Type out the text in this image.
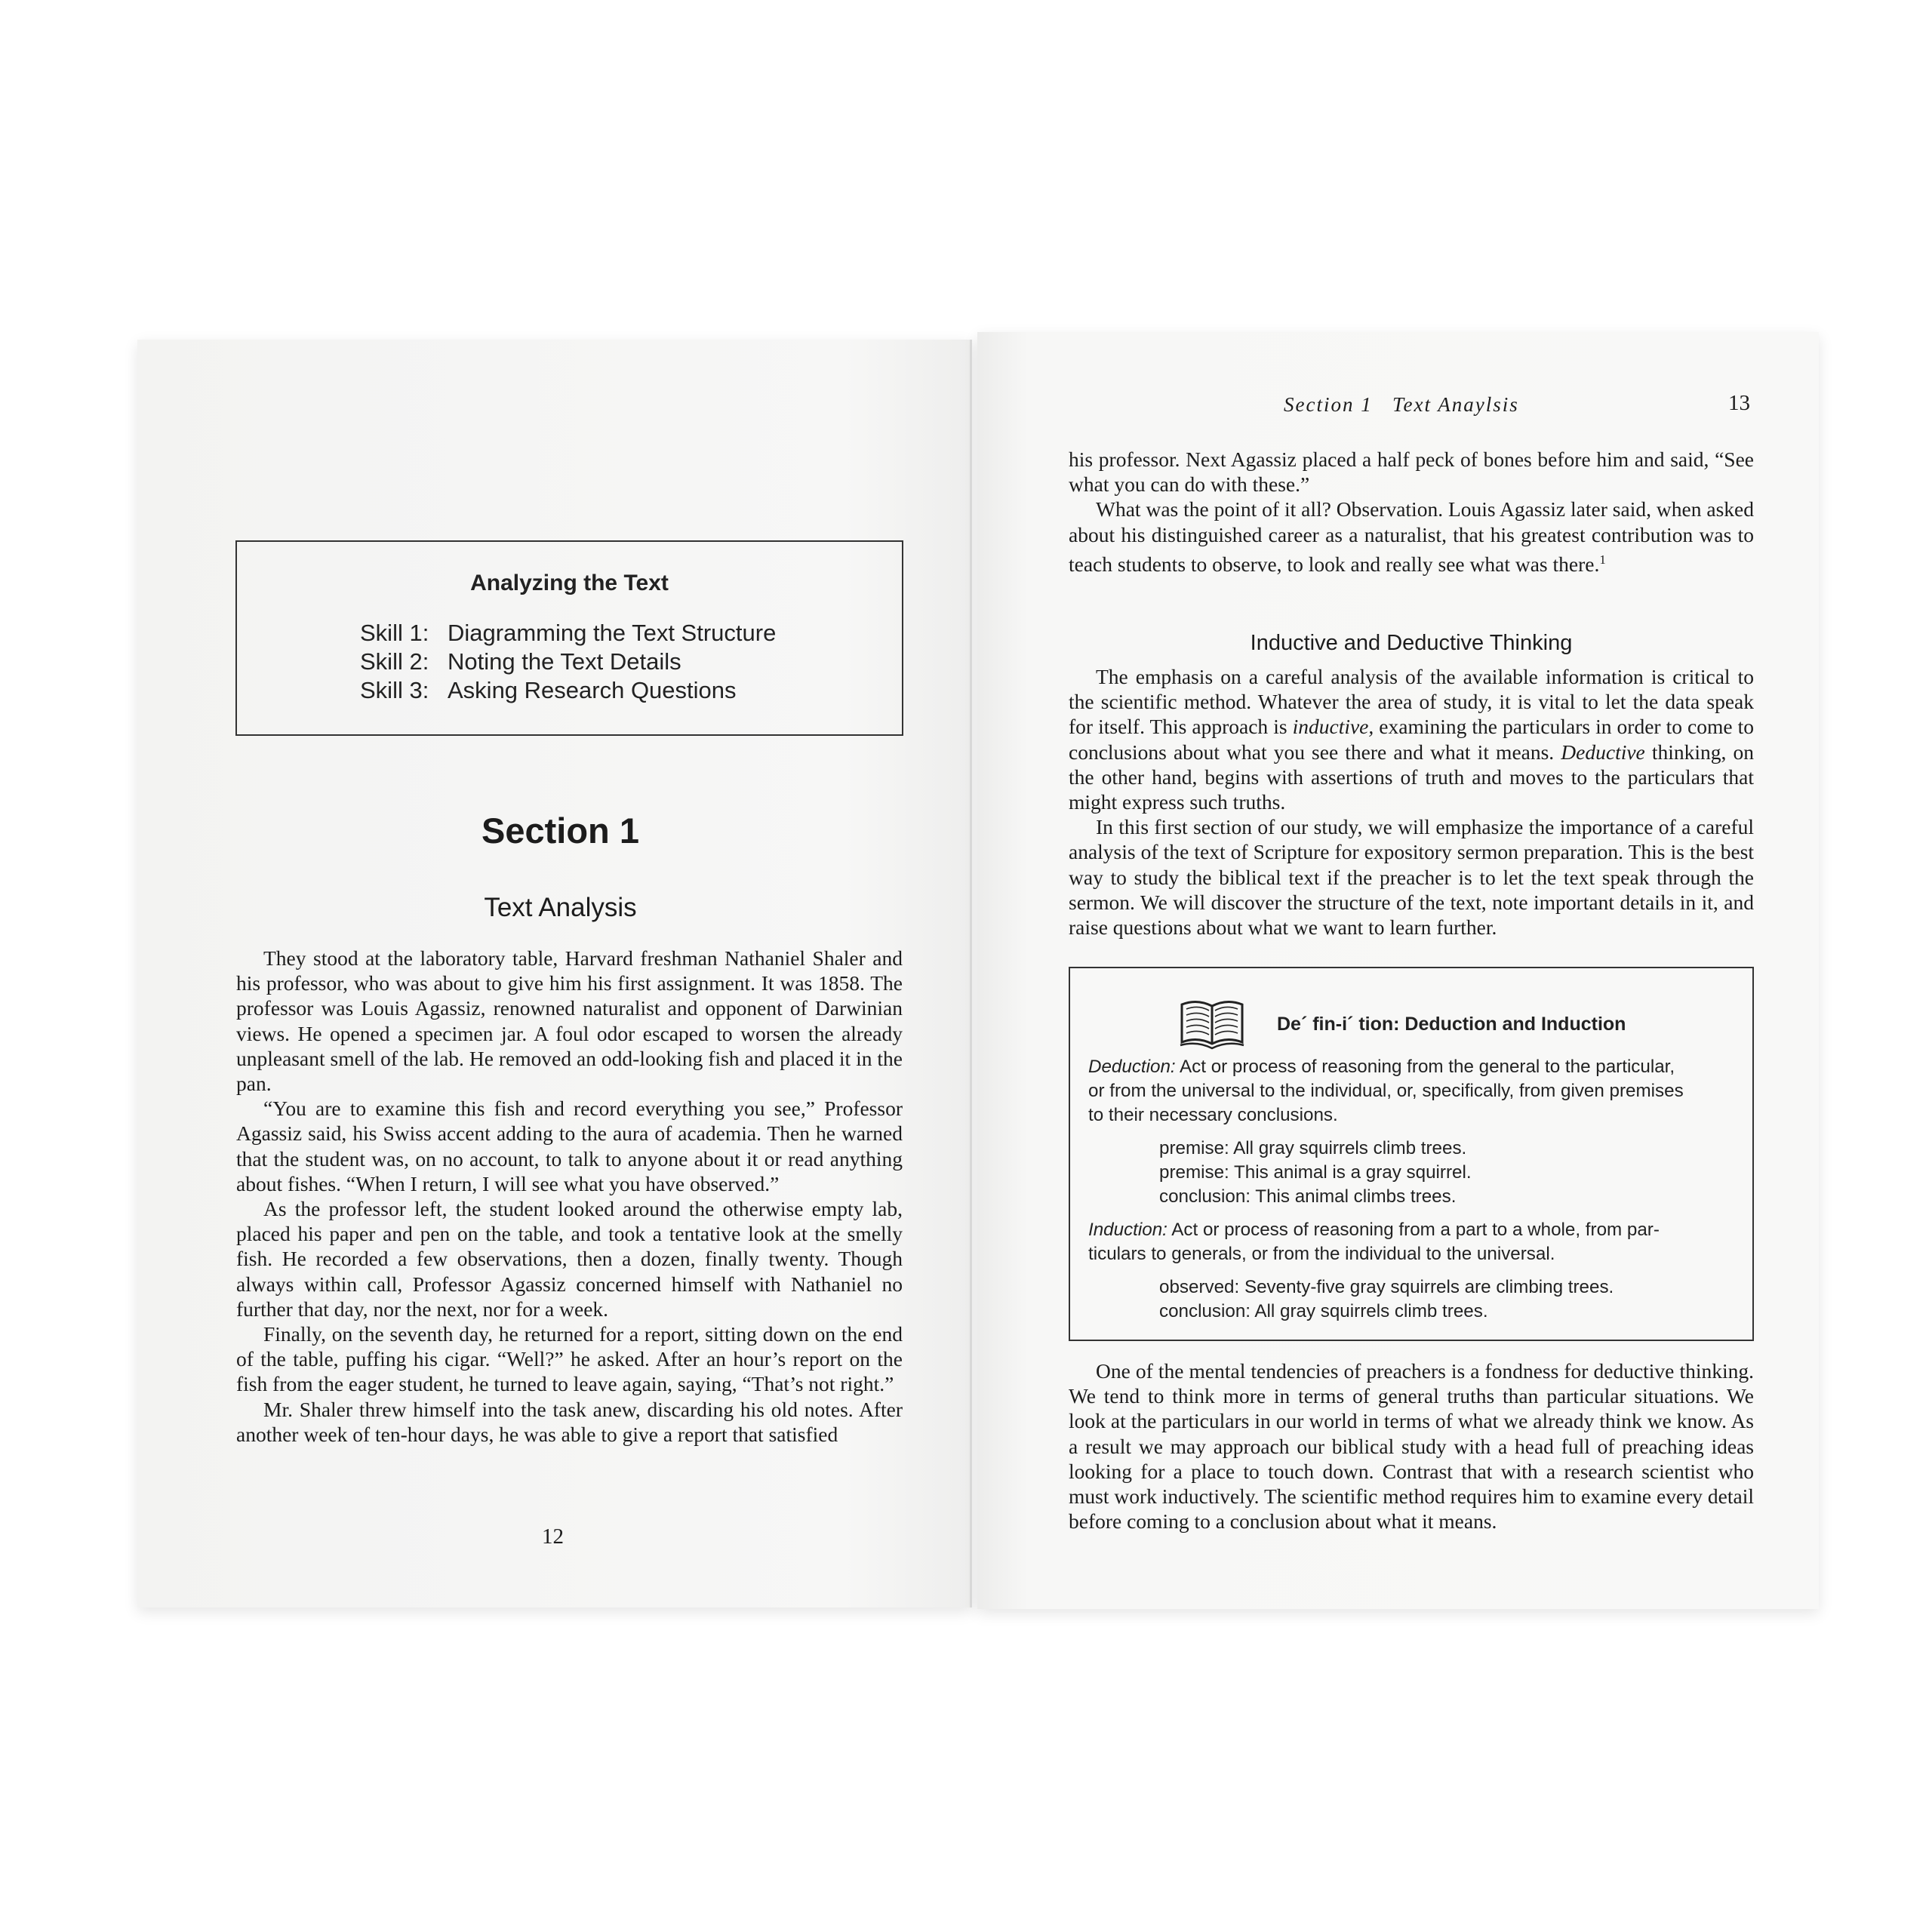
Analyzing the Text
Skill 1: Diagramming the Text Structure
Skill 2: Noting the Text Details
Skill 3: Asking Research Questions
Section 1
Text Analysis

They stood at the laboratory table, Harvard freshman Nathaniel Shaler and his professor, who was about to give him his first assignment. It was 1858. The professor was Louis Agassiz, renowned naturalist and opponent of Darwinian views. He opened a specimen jar. A foul odor escaped to worsen the already unpleasant smell of the lab. He removed an odd-looking fish and placed it in the pan.

“You are to examine this fish and record everything you see,” Professor Agassiz said, his Swiss accent adding to the aura of academia. Then he warned that the student was, on no account, to talk to anyone about it or read anything about fishes. “When I return, I will see what you have observed.”

As the professor left, the student looked around the otherwise empty lab, placed his paper and pen on the table, and took a tentative look at the smelly fish. He recorded a few observations, then a dozen, finally twenty. Though always within call, Professor Agassiz concerned himself with Nathaniel no further that day, nor the next, nor for a week.

Finally, on the seventh day, he returned for a report, sitting down on the end of the table, puffing his cigar. “Well?” he asked. After an hour’s report on the fish from the eager student, he turned to leave again, saying, “That’s not right.”

Mr. Shaler threw himself into the task anew, discarding his old notes. After another week of ten-hour days, he was able to give a report that satisfied

12
Section 1   Text Anaylsis	13

his professor. Next Agassiz placed a half peck of bones before him and said, “See what you can do with these.”

What was the point of it all? Observation. Louis Agassiz later said, when asked about his distinguished career as a naturalist, that his greatest contribution was to teach students to observe, to look and really see what was there.$^1$

Inductive and Deductive Thinking

The emphasis on a careful analysis of the available information is critical to the scientific method. Whatever the area of study, it is vital to let the data speak for itself. This approach is inductive, examining the particulars in order to come to conclusions about what you see there and what it means. Deductive thinking, on the other hand, begins with assertions of truth and moves to the particulars that might express such truths.

In this first section of our study, we will emphasize the importance of a careful analysis of the text of Scripture for expository sermon preparation. This is the best way to study the biblical text if the preacher is to let the text speak through the sermon. We will discover the structure of the text, note important details in it, and raise questions about what we want to learn further.

De´ fin-i´ tion: Deduction and Induction
Deduction: Act or process of reasoning from the general to the particular,
or from the universal to the individual, or, specifically, from given premises
to their necessary conclusions.
premise: All gray squirrels climb trees.
premise: This animal is a gray squirrel.
conclusion: This animal climbs trees.
Induction: Act or process of reasoning from a part to a whole, from par-
ticulars to generals, or from the individual to the universal.
observed: Seventy-five gray squirrels are climbing trees.
conclusion: All gray squirrels climb trees.

One of the mental tendencies of preachers is a fondness for deductive thinking. We tend to think more in terms of general truths than particular situations. We look at the particulars in our world in terms of what we already think we know. As a result we may approach our biblical study with a head full of preaching ideas looking for a place to touch down. Contrast that with a research scientist who must work inductively. The scientific method requires him to examine every detail before coming to a conclusion about what it means.
